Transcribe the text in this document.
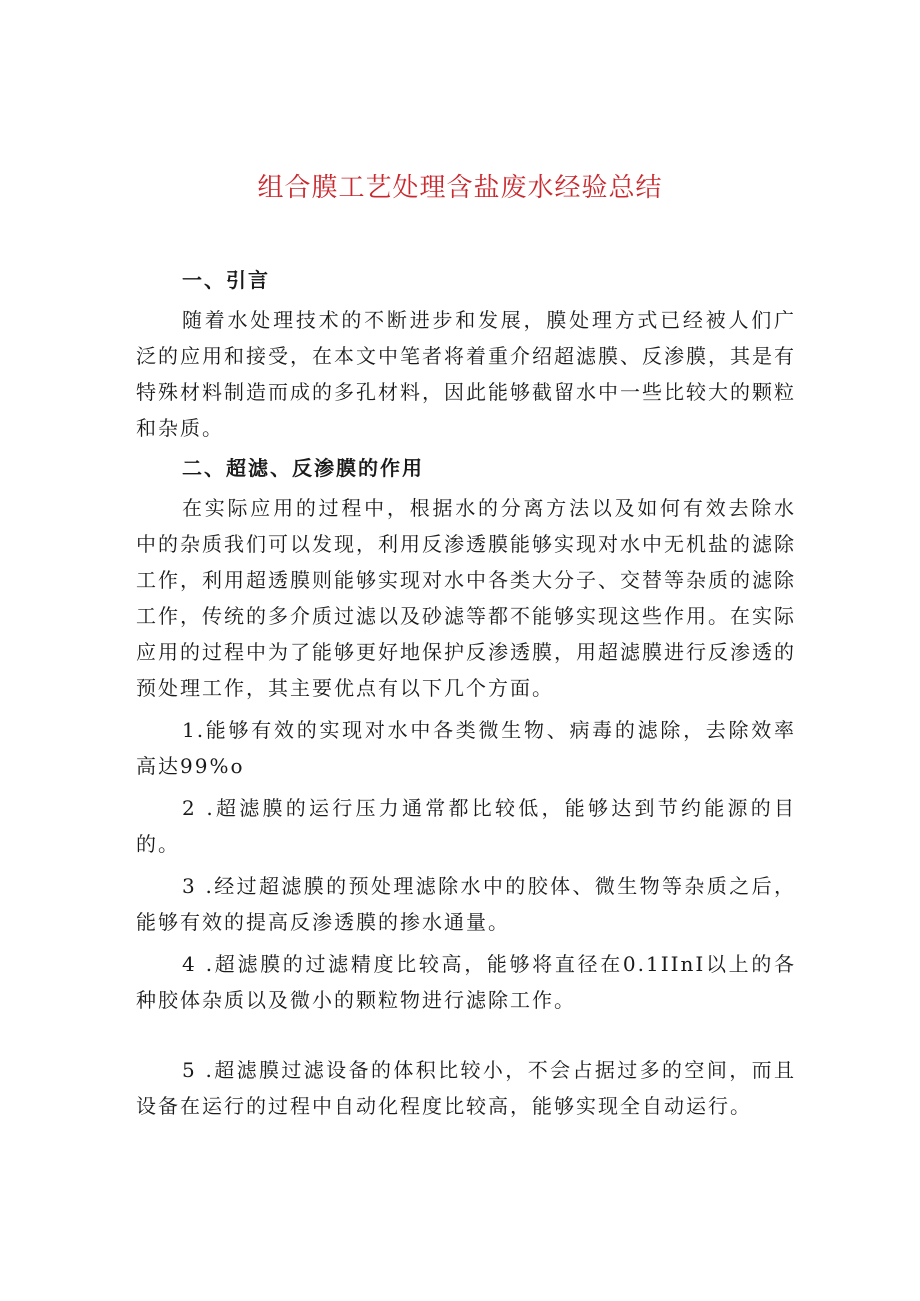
组合膜工艺处理含盐废水经验总结

一、引言

随着水处理技术的不断进步和发展，膜处理方式已经被人们广泛的应用和接受，在本文中笔者将着重介绍超滤膜、反渗膜，其是有特殊材料制造而成的多孔材料，因此能够截留水中一些比较大的颗粒和杂质。

二、超滤、反渗膜的作用

在实际应用的过程中，根据水的分离方法以及如何有效去除水中的杂质我们可以发现，利用反渗透膜能够实现对水中无机盐的滤除工作，利用超透膜则能够实现对水中各类大分子、交替等杂质的滤除工作，传统的多介质过滤以及砂滤等都不能够实现这些作用。在实际应用的过程中为了能够更好地保护反渗透膜，用超滤膜进行反渗透的预处理工作，其主要优点有以下几个方面。

1.能够有效的实现对水中各类微生物、病毒的滤除，去除效率高达99%o

2 .超滤膜的运行压力通常都比较低，能够达到节约能源的目的。

3 .经过超滤膜的预处理滤除水中的胶体、微生物等杂质之后，能够有效的提高反渗透膜的掺水通量。

4 .超滤膜的过滤精度比较高，能够将直径在0.1IInI以上的各种胶体杂质以及微小的颗粒物进行滤除工作。

5 .超滤膜过滤设备的体积比较小，不会占据过多的空间，而且设备在运行的过程中自动化程度比较高，能够实现全自动运行。
